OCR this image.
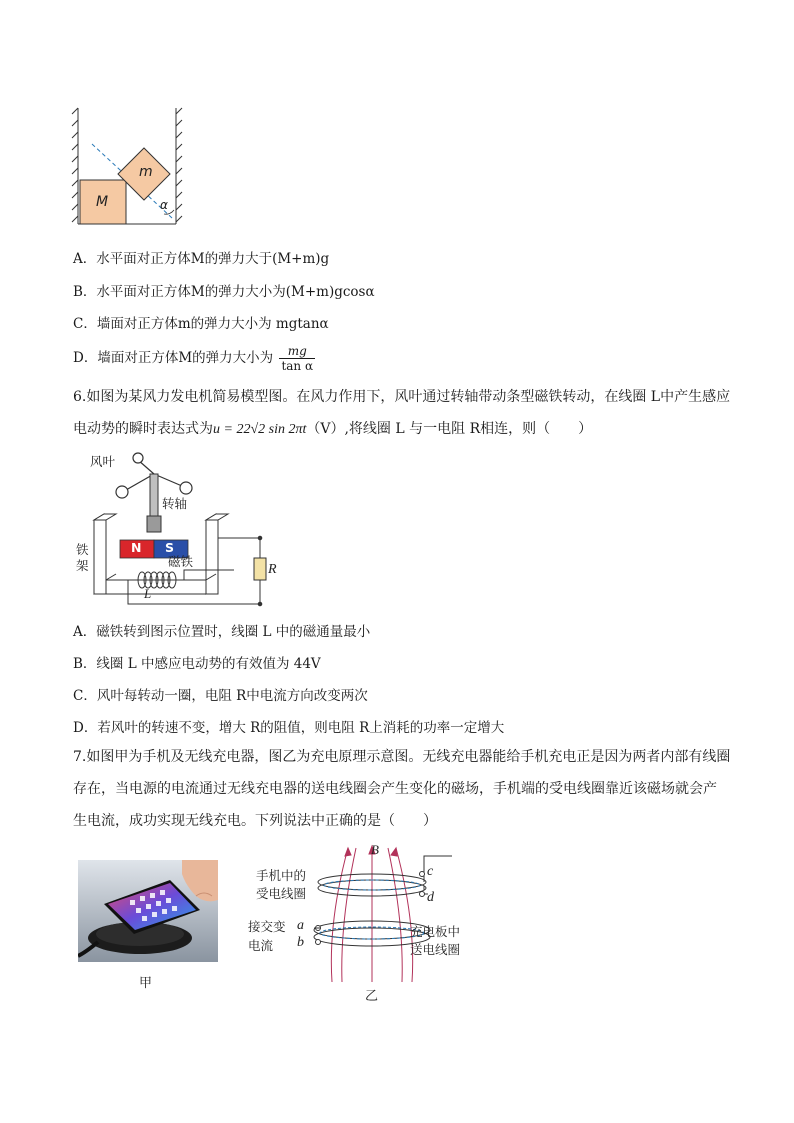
M
m
α
A．水平面对正方体M的弹力大于(M+m)g
B．水平面对正方体M的弹力大小为(M+m)gcosα
C．墙面对正方体m的弹力大小为 mgtanα
D．墙面对正方体M的弹力大小为 $\frac{mg}{\text{tan α}}$
6.如图为某风力发电机简易模型图。在风力作用下，风叶通过转轴带动条型磁铁转动，在线圈 L中产生感应
电动势的瞬时表达式为u = 22√2 sin 2πt（V）,将线圈 L 与一电阻 R相连，则（　　）
风叶
转轴
铁
架
N S
磁铁
R
L
A．磁铁转到图示位置时，线圈 L 中的磁通量最小
B．线圈 L 中感应电动势的有效值为 44V
C．风叶每转动一圈，电阻 R中电流方向改变两次
D．若风叶的转速不变，增大 R的阻值，则电阻 R上消耗的功率一定增大
7.如图甲为手机及无线充电器，图乙为充电原理示意图。无线充电器能给手机充电正是因为两者内部有线圈
存在，当电源的电流通过无线充电器的送电线圈会产生变化的磁场，手机端的受电线圈靠近该磁场就会产
生电流，成功实现无线充电。下列说法中正确的是（　　）
甲
B
手机中的
受电线圈
c
d
接交变
电流
a
b
充电板中
送电线圈
乙
